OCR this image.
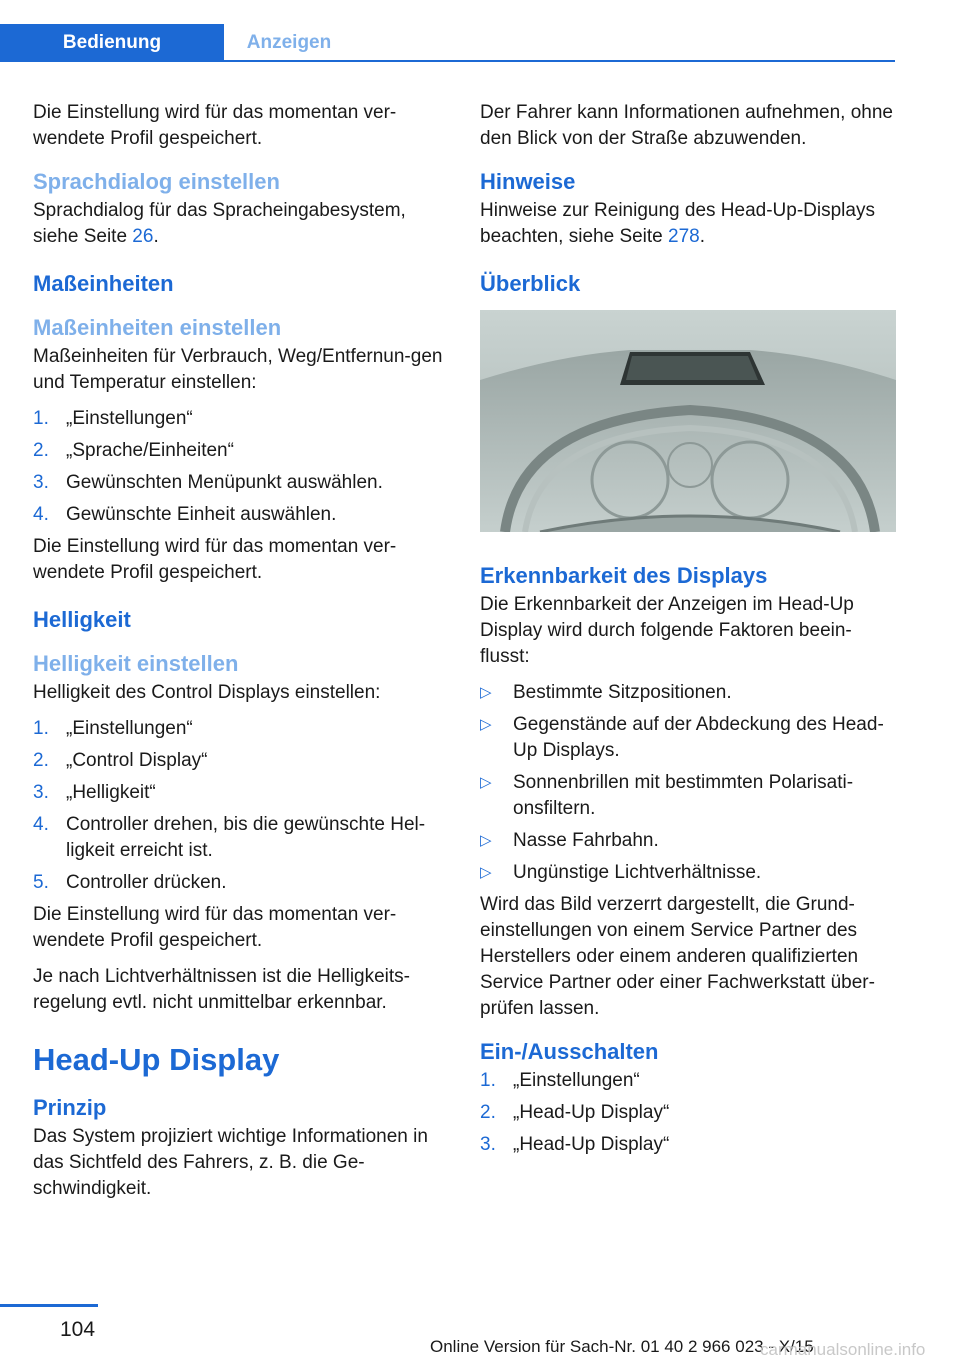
Bedienung	Anzeigen

Die Einstellung wird für das momentan ver‐wendete Profil gespeichert.

Sprachdialog einstellen

Sprachdialog für das Spracheingabesystem, siehe Seite 26.

Maßeinheiten
Maßeinheiten einstellen

Maßeinheiten für Verbrauch, Weg/Entfernun‐gen und Temperatur einstellen:

1. „Einstellungen“
2. „Sprache/Einheiten“
3. Gewünschten Menüpunkt auswählen.
4. Gewünschte Einheit auswählen.

Die Einstellung wird für das momentan ver‐wendete Profil gespeichert.

Helligkeit
Helligkeit einstellen

Helligkeit des Control Displays einstellen:

1. „Einstellungen“
2. „Control Display“
3. „Helligkeit“
4. Controller drehen, bis die gewünschte Hel‐ligkeit erreicht ist.
5. Controller drücken.

Die Einstellung wird für das momentan ver‐wendete Profil gespeichert.

Je nach Lichtverhältnissen ist die Helligkeits‐regelung evtl. nicht unmittelbar erkennbar.

Head-Up Display
Prinzip

Das System projiziert wichtige Informationen in das Sichtfeld des Fahrers, z. B. die Ge‐schwindigkeit.

Der Fahrer kann Informationen aufnehmen, ohne den Blick von der Straße abzuwenden.

Hinweise

Hinweise zur Reinigung des Head-Up-Displays beachten, siehe Seite 278.

Überblick
Erkennbarkeit des Displays

Die Erkennbarkeit der Anzeigen im Head-Up Display wird durch folgende Faktoren beein‐flusst:

▷	Bestimmte Sitzpositionen.
▷	Gegenstände auf der Abdeckung des Head-Up Displays.
▷	Sonnenbrillen mit bestimmten Polarisati‐onsfiltern.
▷	Nasse Fahrbahn.
▷	Ungünstige Lichtverhältnisse.

Wird das Bild verzerrt dargestellt, die Grund‐einstellungen von einem Service Partner des Herstellers oder einem anderen qualifizierten Service Partner oder einer Fachwerkstatt über‐prüfen lassen.

Ein-/Ausschalten
1. „Einstellungen“
2. „Head-Up Display“
3. „Head-Up Display“
104
Online Version für Sach-Nr. 01 40 2 966 023 - X/15
carmanualsonline.info
